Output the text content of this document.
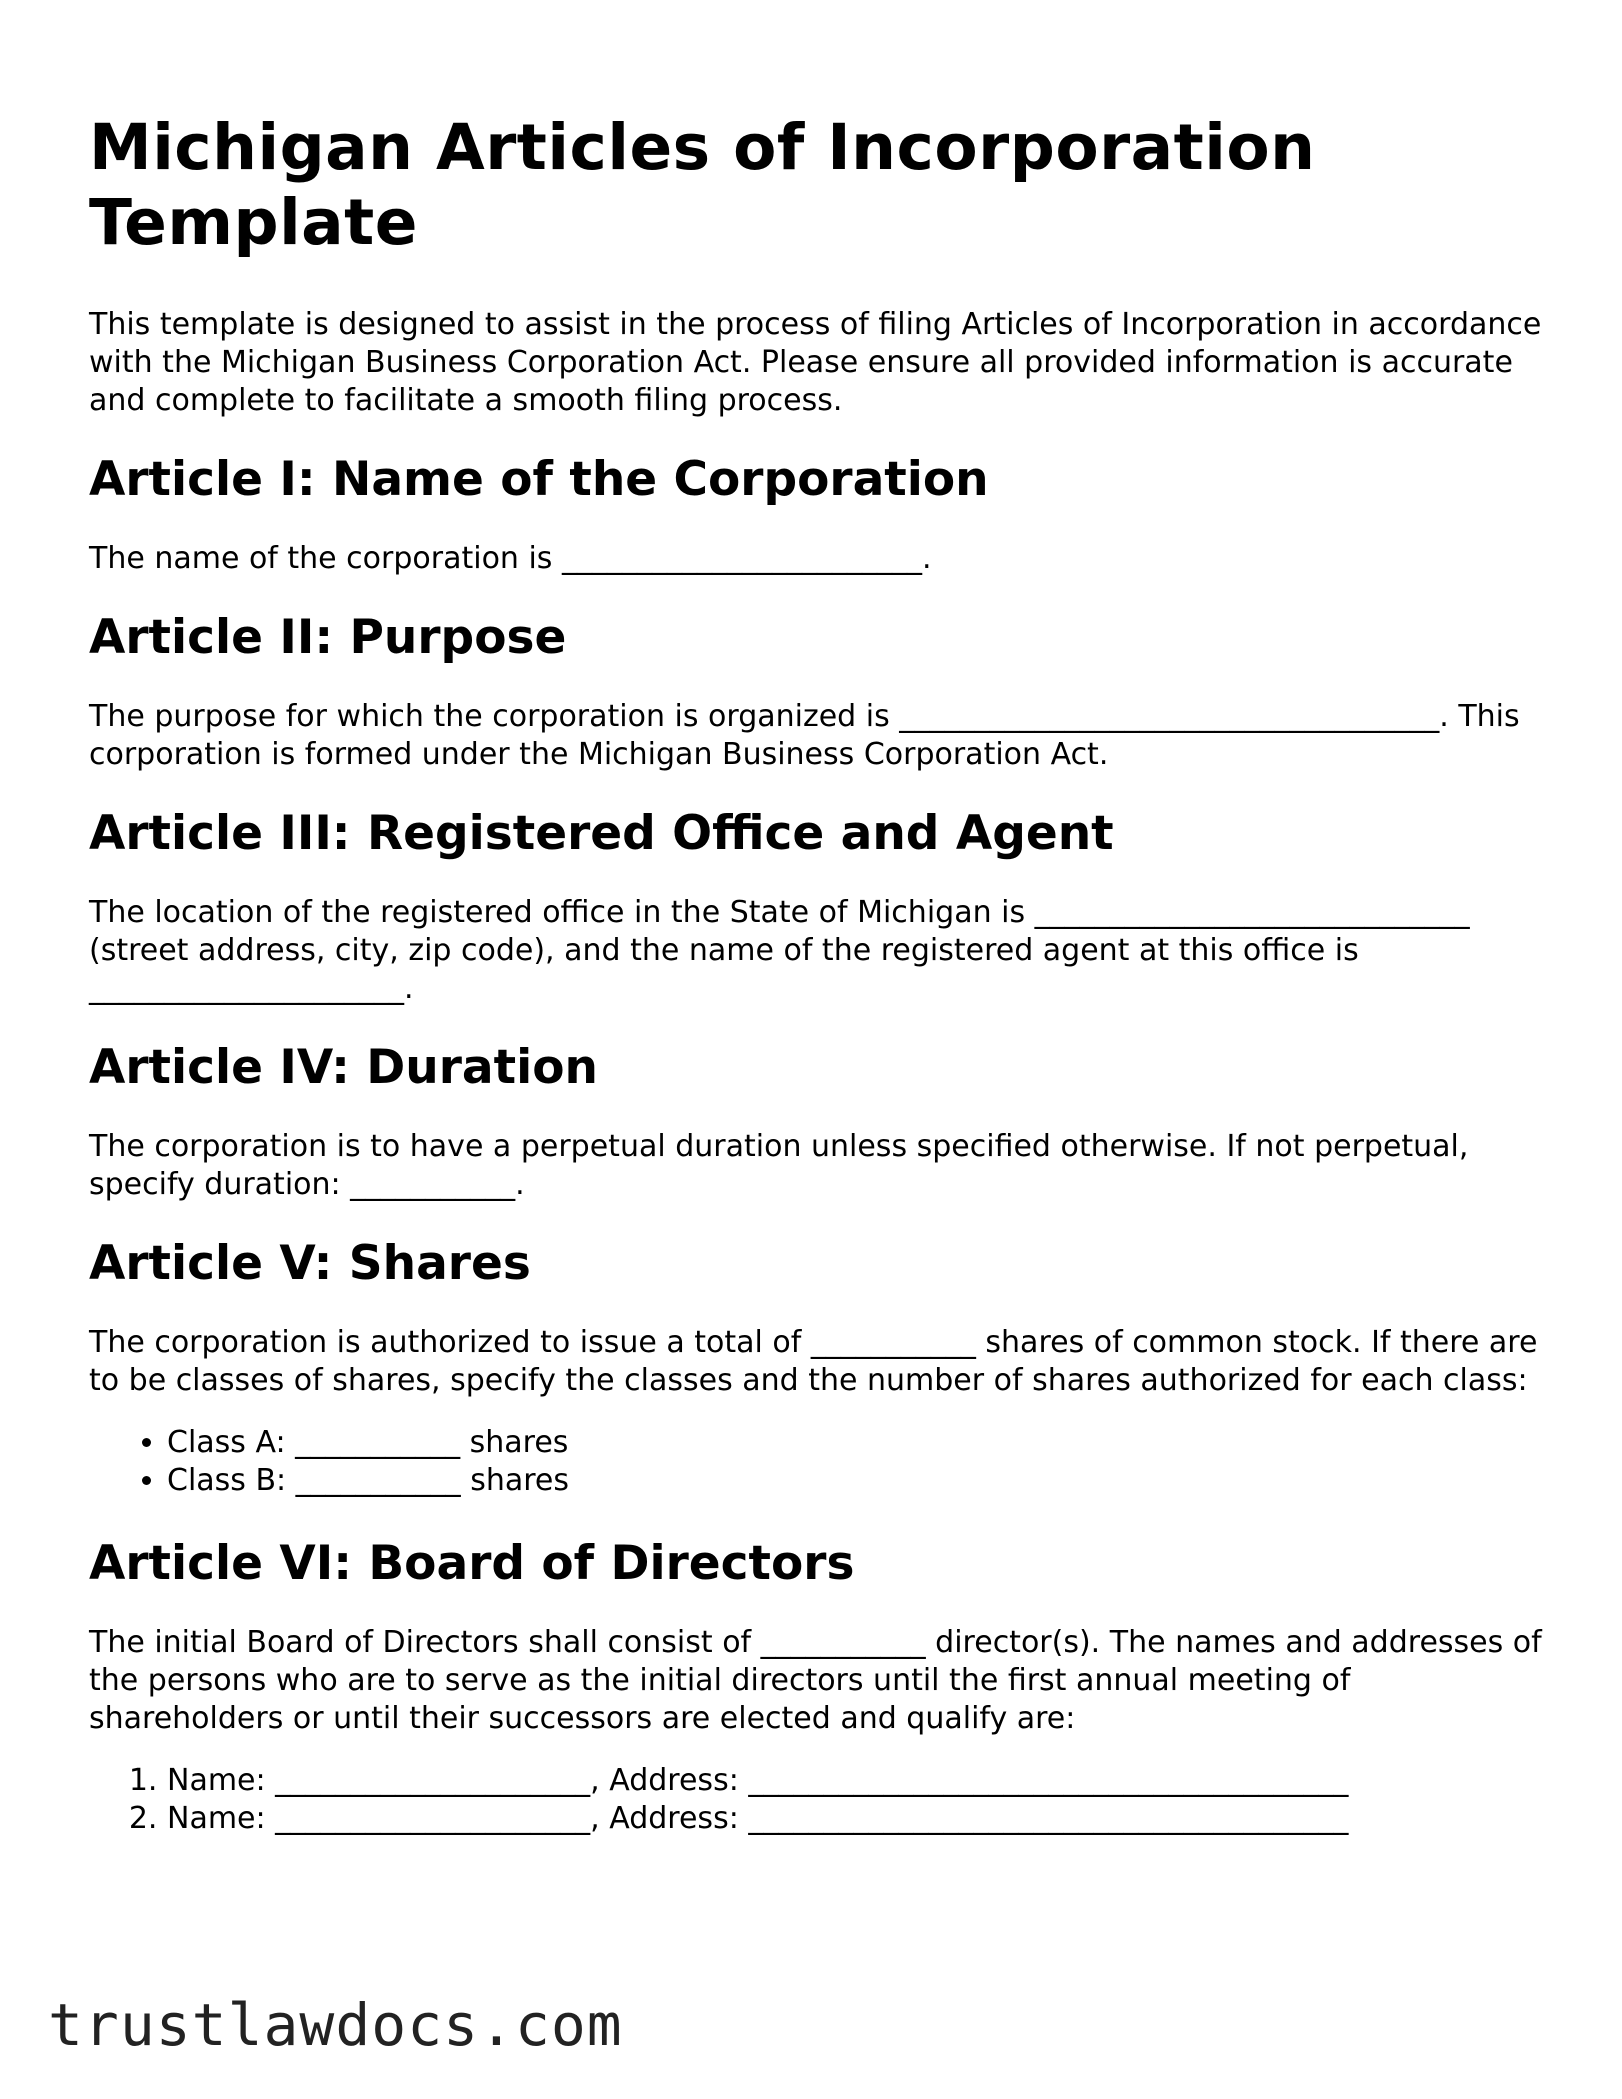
Michigan Articles of Incorporation Template

This template is designed to assist in the process of filing Articles of Incorporation in accordance with the Michigan Business Corporation Act. Please ensure all provided information is accurate and complete to facilitate a smooth filing process.

Article I: Name of the Corporation

The name of the corporation is ________________________.

Article II: Purpose

The purpose for which the corporation is organized is ____________________________________. This corporation is formed under the Michigan Business Corporation Act.

Article III: Registered Office and Agent

The location of the registered office in the State of Michigan is _____________________________ (street address, city, zip code), and the name of the registered agent at this office is _____________________.

Article IV: Duration

The corporation is to have a perpetual duration unless specified otherwise. If not perpetual, specify duration: ___________.

Article V: Shares

The corporation is authorized to issue a total of ___________ shares of common stock. If there are to be classes of shares, specify the classes and the number of shares authorized for each class:

• Class A: ___________ shares
• Class B: ___________ shares
Article VI: Board of Directors

The initial Board of Directors shall consist of ___________ director(s). The names and addresses of the persons who are to serve as the initial directors until the first annual meeting of shareholders or until their successors are elected and qualify are:

1. Name: _____________________, Address: ________________________________________
2. Name: _____________________, Address: ________________________________________
trustlawdocs.com
